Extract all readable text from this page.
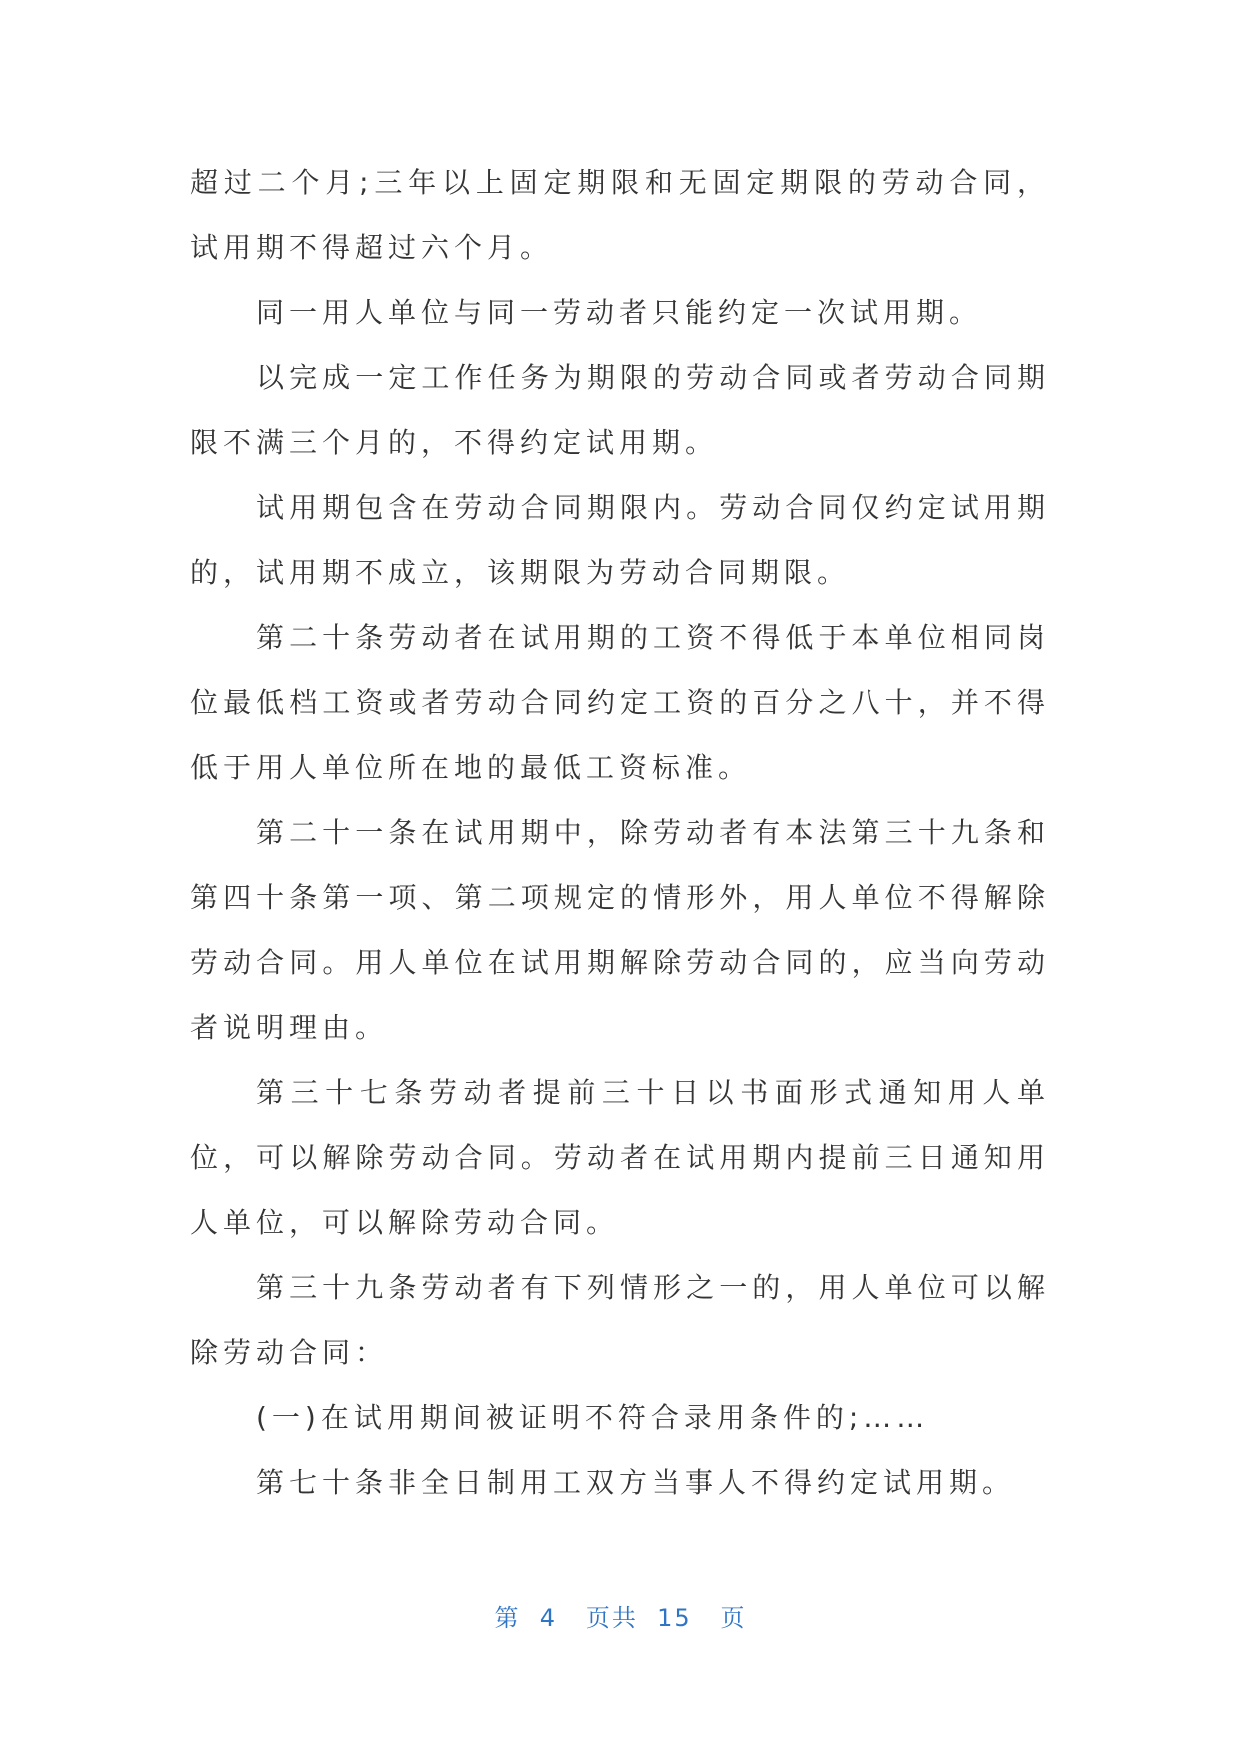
超过二个月;三年以上固定期限和无固定期限的劳动合同，试用期不得超过六个月。

同一用人单位与同一劳动者只能约定一次试用期。

以完成一定工作任务为期限的劳动合同或者劳动合同期限不满三个月的，不得约定试用期。

试用期包含在劳动合同期限内。劳动合同仅约定试用期的，试用期不成立，该期限为劳动合同期限。

第二十条劳动者在试用期的工资不得低于本单位相同岗位最低档工资或者劳动合同约定工资的百分之八十，并不得低于用人单位所在地的最低工资标准。

第二十一条在试用期中，除劳动者有本法第三十九条和第四十条第一项、第二项规定的情形外，用人单位不得解除劳动合同。用人单位在试用期解除劳动合同的，应当向劳动者说明理由。

第三十七条劳动者提前三十日以书面形式通知用人单位，可以解除劳动合同。劳动者在试用期内提前三日通知用人单位，可以解除劳动合同。

第三十九条劳动者有下列情形之一的，用人单位可以解除劳动合同：

(一)在试用期间被证明不符合录用条件的;……

第七十条非全日制用工双方当事人不得约定试用期。

第  4   页共  15   页
